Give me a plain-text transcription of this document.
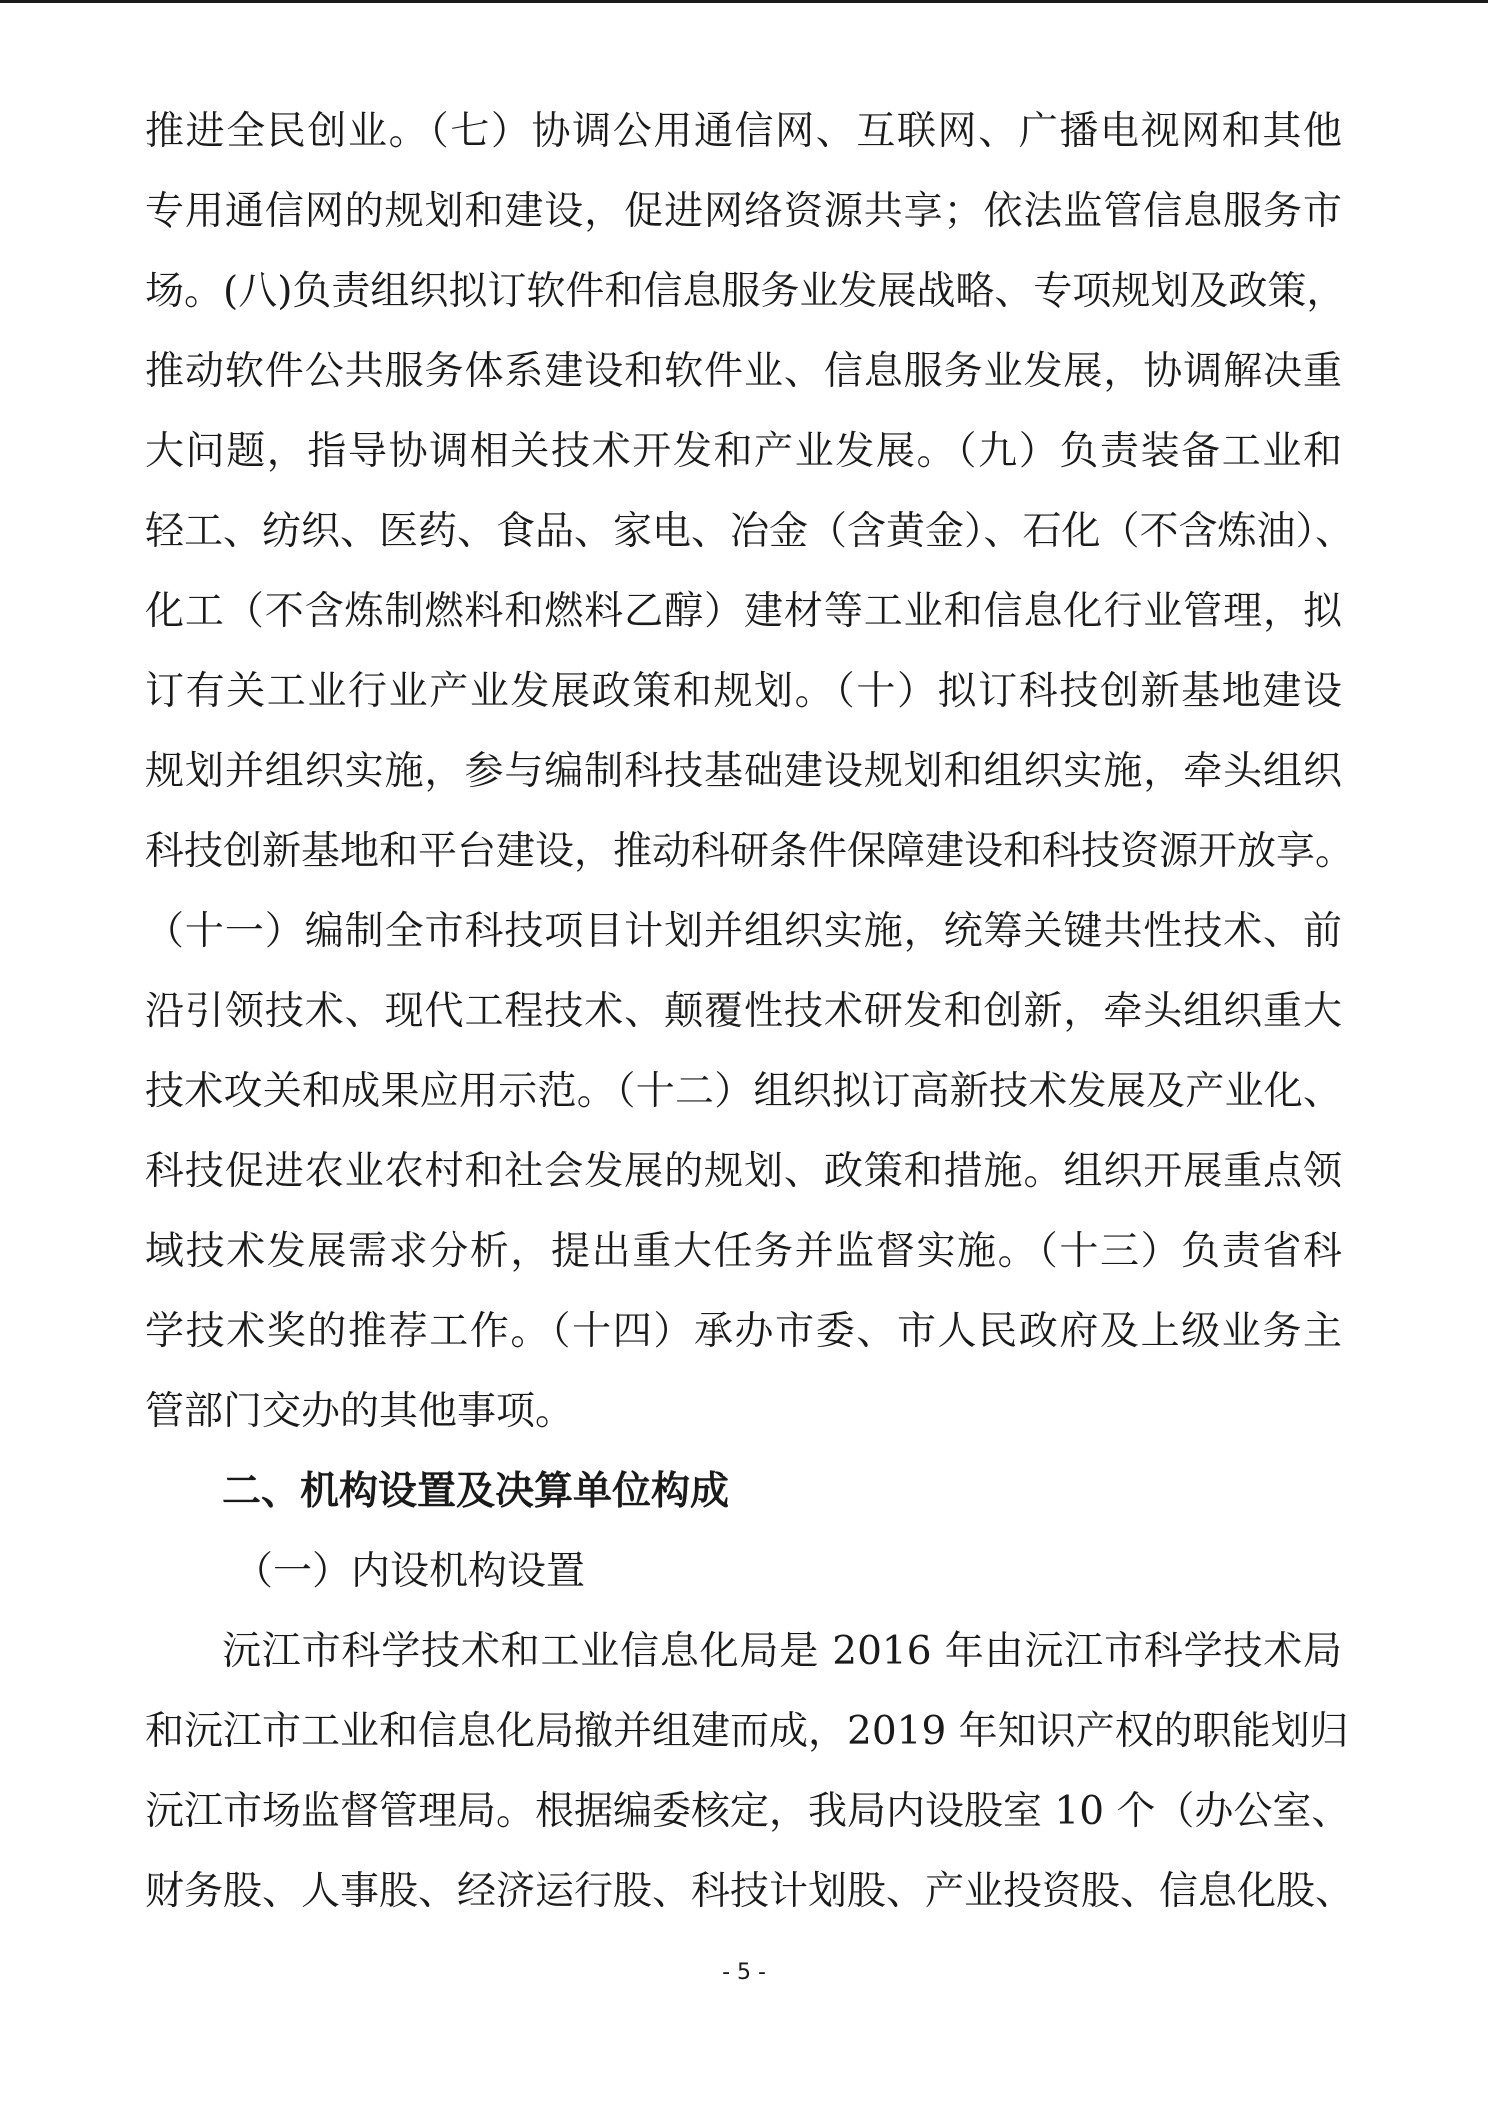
推进全民创业。（七）协调公用通信网、互联网、广播电视网和其他
专用通信网的规划和建设，促进网络资源共享；依法监管信息服务市
场。(八)负责组织拟订软件和信息服务业发展战略、专项规划及政策，
推动软件公共服务体系建设和软件业、信息服务业发展，协调解决重
大问题，指导协调相关技术开发和产业发展。（九）负责装备工业和
轻工、纺织、医药、食品、家电、冶金（含黄金）、石化（不含炼油）、
化工（不含炼制燃料和燃料乙醇）建材等工业和信息化行业管理，拟
订有关工业行业产业发展政策和规划。（十）拟订科技创新基地建设
规划并组织实施，参与编制科技基础建设规划和组织实施，牵头组织
科技创新基地和平台建设，推动科研条件保障建设和科技资源开放享。
（十一）编制全市科技项目计划并组织实施，统筹关键共性技术、前
沿引领技术、现代工程技术、颠覆性技术研发和创新，牵头组织重大
技术攻关和成果应用示范。（十二）组织拟订高新技术发展及产业化、
科技促进农业农村和社会发展的规划、政策和措施。组织开展重点领
域技术发展需求分析，提出重大任务并监督实施。（十三）负责省科
学技术奖的推荐工作。（十四）承办市委、市人民政府及上级业务主
管部门交办的其他事项。
二、机构设置及决算单位构成
（一）内设机构设置
沅江市科学技术和工业信息化局是 2016 年由沅江市科学技术局
和沅江市工业和信息化局撤并组建而成，2019 年知识产权的职能划归
沅江市场监督管理局。根据编委核定，我局内设股室 10 个（办公室、
财务股、人事股、经济运行股、科技计划股、产业投资股、信息化股、
- 5 -
